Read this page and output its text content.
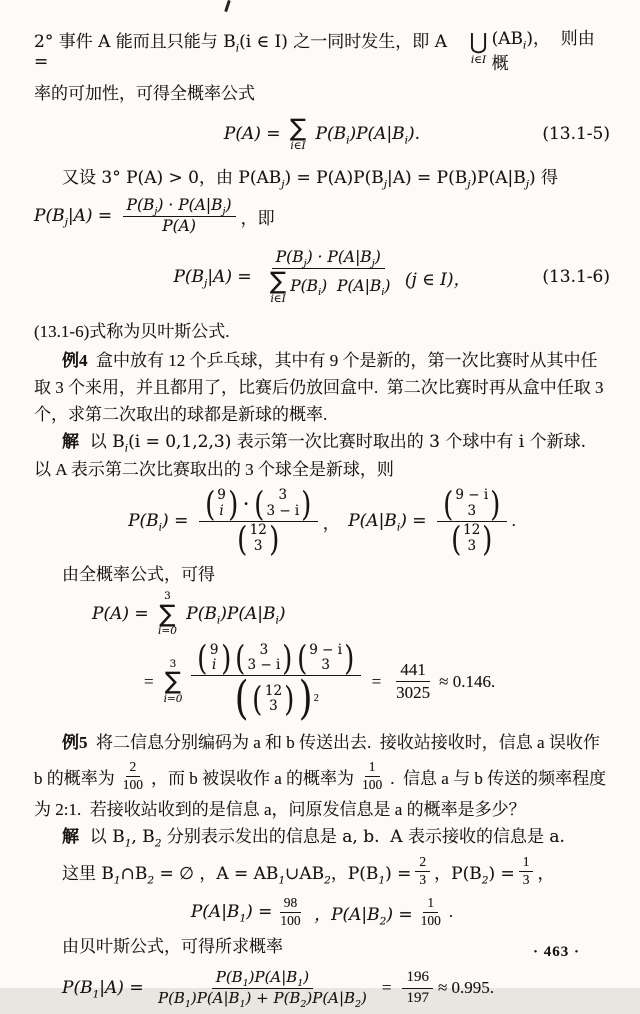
2° 事件 A 能而且只能与 $B_i(i$ ∈ I) 之一同时发生，即 A =
⋃
i∈I
$(AB_i)$，  则由概
率的可加性，可得全概率公式
P(A) = ∑
i∈I
$P(B_i)P(A|B_i)$.	(13.1-5)
又设 3° P(A) > 0，由 $P(AB_j) = P(A)P(B_j|A) = P(B_j)P(A|B_j)$ 得
$P(B_j|A) = \frac{P(B_j) \cdot P(A|B_j)}{P(A)}$ ，即
$P(B_j|A) = P(B_j) \cdot P(A|B_j)$
∑
i∈I
$P(B_i)$  $P(A|B_i)$ (j ∈ I)，	(13.1-6)
(13.1-6)式称为贝叶斯公式.
例4  盒中放有 12 个乒乓球，其中有 9 个是新的，第一次比赛时从其中任
取 3 个来用，并且都用了，比赛后仍放回盒中.  第二次比赛时再从盒中任取 3
个，求第二次取出的球都是新球的概率.
解  以 $B_i(i = 0,1,2,3)$ 表示第一次比赛时取出的 3 个球中有 i 个新球.
以 A 表示第二次比赛取出的 3 个球全是新球，则
$P(B_i)$ = ( 9
i ) · ( 3
3 − i )
( 12
3 ) ， $P(A|B_i)$ = ( 9 − i
3 )
( 12
3 ) .
由全概率公式，可得
P(A) =
3
∑
i=0
$P(B_i)P(A|B_i)$
=
3
∑
i=0 ( 9
i ) ( 3
3 − i ) ( 9 − i
3 )
( ( 12
3 ) ) $2 = \frac{441}{3025} \approx 0.146$.
例5  将二信息分别编码为 a 和 b 传送出去.  接收站接收时，信息 a 误收作
b 的概率为 $\frac{2}{100}$ ，而 b 被误收作 a 的概率为 $\frac{1}{100}$ .  信息 a 与 b 传送的频率程度
为 2:1.  若接收站收到的是信息 a，问原发信息是 a 的概率是多少？
解  以 $B_1$, $B_2$ 分别表示发出的信息是 a, b.  A 表示接收的信息是 a.
这里 $B_1\cap B_2$ = ∅ ，$A = AB_1\cup AB_2$，$P(B_1) = \frac{2}{3}$ ，$P(B_2) = \frac{1}{3}$ ，
$P(A|B_1) = \frac{98}{100}$ ，$P(A|B_2) = \frac{1}{100}$ .
由贝叶斯公式，可得所求概率
$P(B_1|A) = \frac{P(B_1)P(A|B_1)}{P(B_1)P(A|B_1) + P(B_2)P(A|B_2)} = \frac{196}{197} \approx 0.995$.
· 463 ·
